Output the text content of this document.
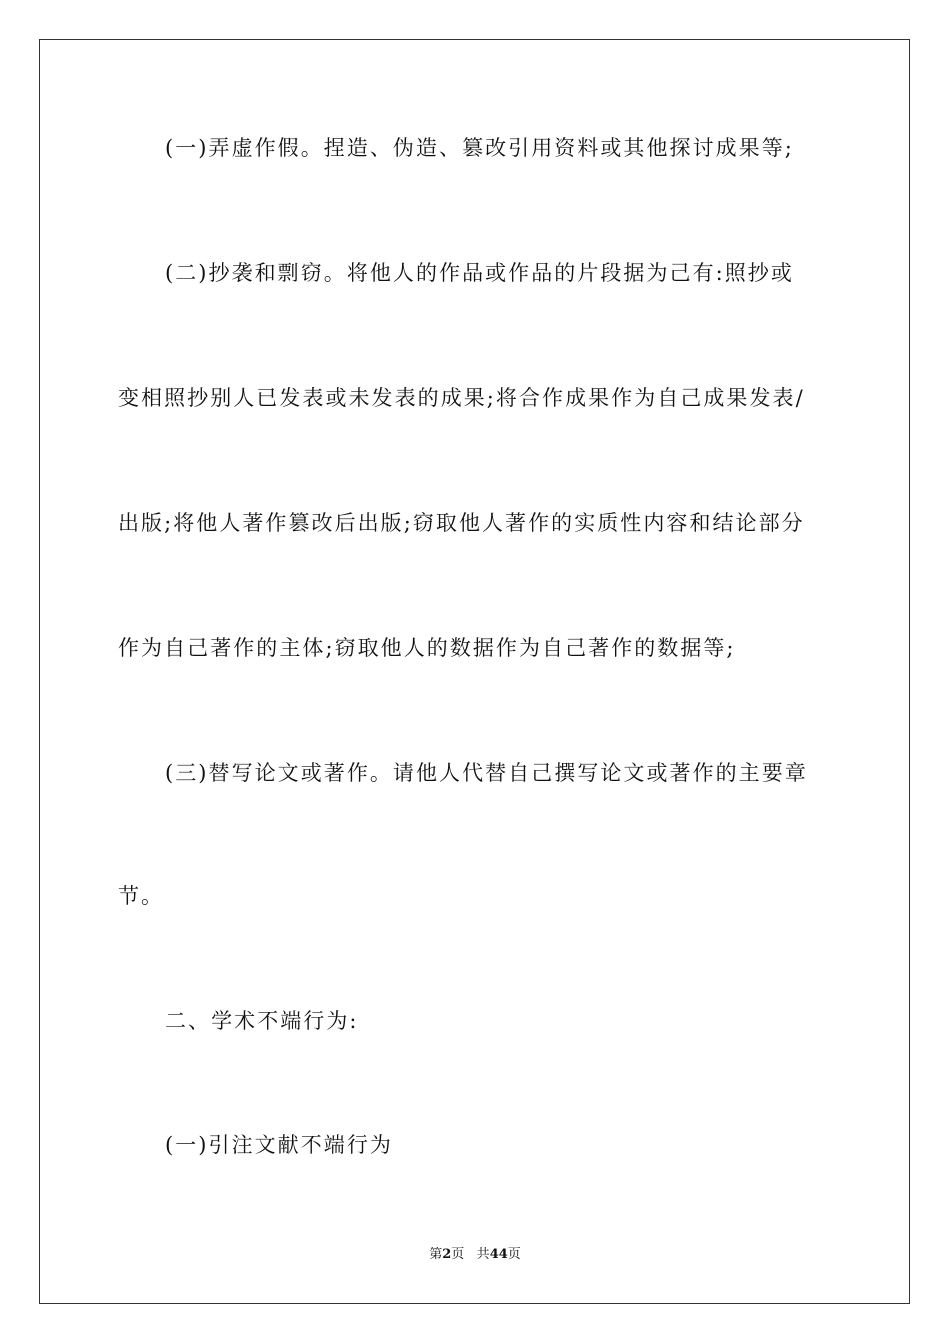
(一)弄虚作假。捏造、伪造、篡改引用资料或其他探讨成果等;
(二)抄袭和剽窃。将他人的作品或作品的片段据为己有:照抄或
变相照抄别人已发表或未发表的成果;将合作成果作为自己成果发表/
出版;将他人著作篡改后出版;窃取他人著作的实质性内容和结论部分
作为自己著作的主体;窃取他人的数据作为自己著作的数据等;
(三)替写论文或著作。请他人代替自己撰写论文或著作的主要章
节。
二、学术不端行为:
(一)引注文献不端行为
第2页 共44页
